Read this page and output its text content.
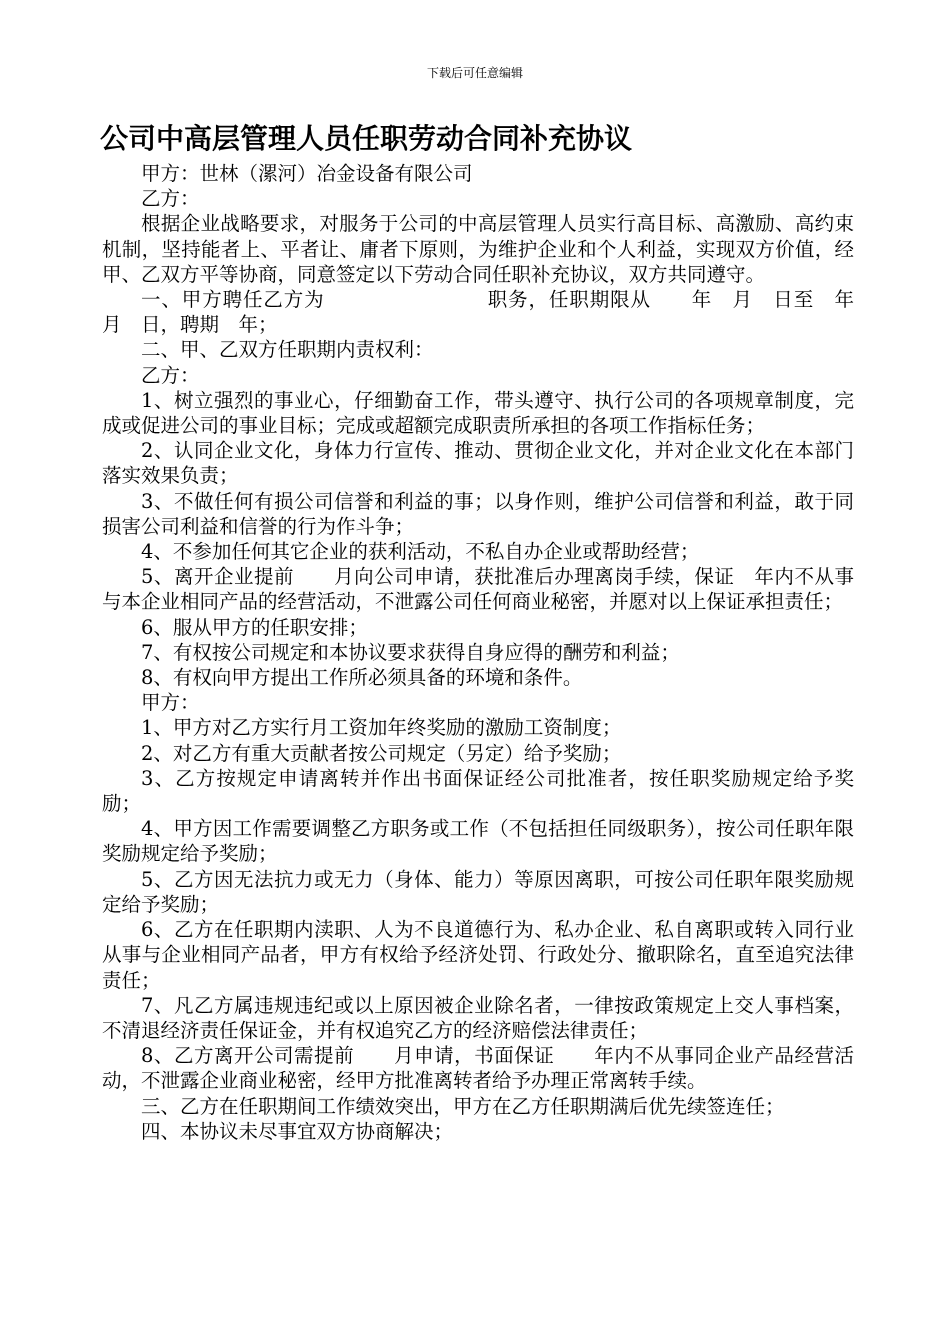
下载后可任意编辑
公司中高层管理人员任职劳动合同补充协议

甲方：世林（漯河）冶金设备有限公司

乙方：

根据企业战略要求，对服务于公司的中高层管理人员实行高目标、高激励、高约束机制，坚持能者上、平者让、庸者下原则，为维护企业和个人利益，实现双方价值，经甲、乙双方平等协商，同意签定以下劳动合同任职补充协议，双方共同遵守。

一、甲方聘任乙方为　　　　　　　　职务，任职期限从　　年　月　日至　年　月　日，聘期　年；

二、甲、乙双方任职期内责权利：

乙方：

1、树立强烈的事业心，仔细勤奋工作，带头遵守、执行公司的各项规章制度，完成或促进公司的事业目标；完成或超额完成职责所承担的各项工作指标任务；

2、认同企业文化，身体力行宣传、推动、贯彻企业文化，并对企业文化在本部门落实效果负责；

3、不做任何有损公司信誉和利益的事；以身作则，维护公司信誉和利益，敢于同损害公司利益和信誉的行为作斗争；

4、不参加任何其它企业的获利活动，不私自办企业或帮助经营；

5、离开企业提前　　月向公司申请，获批准后办理离岗手续，保证　年内不从事与本企业相同产品的经营活动，不泄露公司任何商业秘密，并愿对以上保证承担责任；

6、服从甲方的任职安排；

7、有权按公司规定和本协议要求获得自身应得的酬劳和利益；

8、有权向甲方提出工作所必须具备的环境和条件。

甲方：

1、甲方对乙方实行月工资加年终奖励的激励工资制度；

2、对乙方有重大贡献者按公司规定（另定）给予奖励；

3、乙方按规定申请离转并作出书面保证经公司批准者，按任职奖励规定给予奖励；

4、甲方因工作需要调整乙方职务或工作（不包括担任同级职务），按公司任职年限奖励规定给予奖励；

5、乙方因无法抗力或无力（身体、能力）等原因离职，可按公司任职年限奖励规定给予奖励；

6、乙方在任职期内渎职、人为不良道德行为、私办企业、私自离职或转入同行业从事与企业相同产品者，甲方有权给予经济处罚、行政处分、撤职除名，直至追究法律责任；

7、凡乙方属违规违纪或以上原因被企业除名者，一律按政策规定上交人事档案，不清退经济责任保证金，并有权追究乙方的经济赔偿法律责任；

8、乙方离开公司需提前　　月申请，书面保证　　年内不从事同企业产品经营活动，不泄露企业商业秘密，经甲方批准离转者给予办理正常离转手续。

三、乙方在任职期间工作绩效突出，甲方在乙方任职期满后优先续签连任；

四、本协议未尽事宜双方协商解决；
